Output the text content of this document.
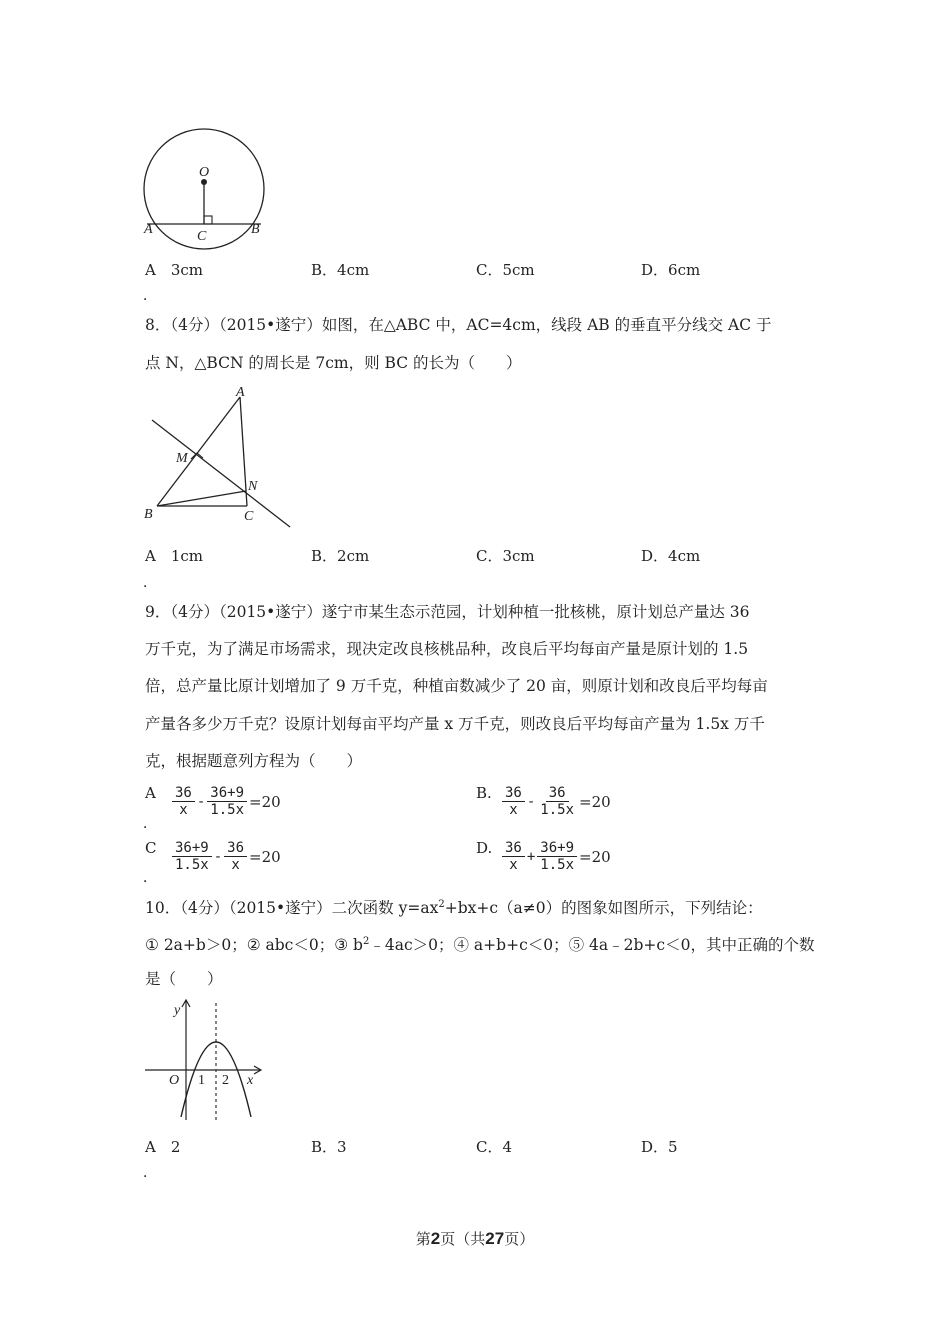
O
A	B
C
A　 3cm	B．4cm	C．5cm	D．6cm
．
8．（4分）（2015•遂宁）如图，在△ABC 中，AC=4cm，线段 AB 的垂直平分线交 AC 于
点 N，△BCN 的周长是 7cm，则 BC 的长为（　　）
A
M
N
B	C
A　 1cm	B．2cm	C．3cm	D．4cm
．
9．（4分）（2015•遂宁）遂宁市某生态示范园，计划种植一批核桃，原计划总产量达 36
万千克，为了满足市场需求，现决定改良核桃品种，改良后平均每亩产量是原计划的 1.5
倍，总产量比原计划增加了 9 万千克，种植亩数减少了 20 亩，则原计划和改良后平均每亩
产量各多少万千克？设原计划每亩平均产量 x 万千克，则改良后平均每亩产量为 1.5x 万千
克，根据题意列方程为（　　）
A $\frac{36}{x} - \frac{36+9}{1.5x} =20$
．
B. $\frac{36}{x} - \frac{36}{1.5x} =20$
C $\frac{36+9}{1.5x} - \frac{36}{x} =20$
．
D. $\frac{36}{x} + \frac{36+9}{1.5x} =20$
10．（4分）（2015•遂宁）二次函数 $y=ax^2+bx+c(a\ne 0)$的图象如图所示，下列结论：
① 2a+b＞0；② abc＜0；③ $b^2﹣4ac>0$；④ a+b+c＜0；⑤ 4a﹣2b+c＜0，其中正确的个数
是（　　）
y
x
O 1 2
A　 2	B．3	C．4	D．5
．
第2页（共27页）
